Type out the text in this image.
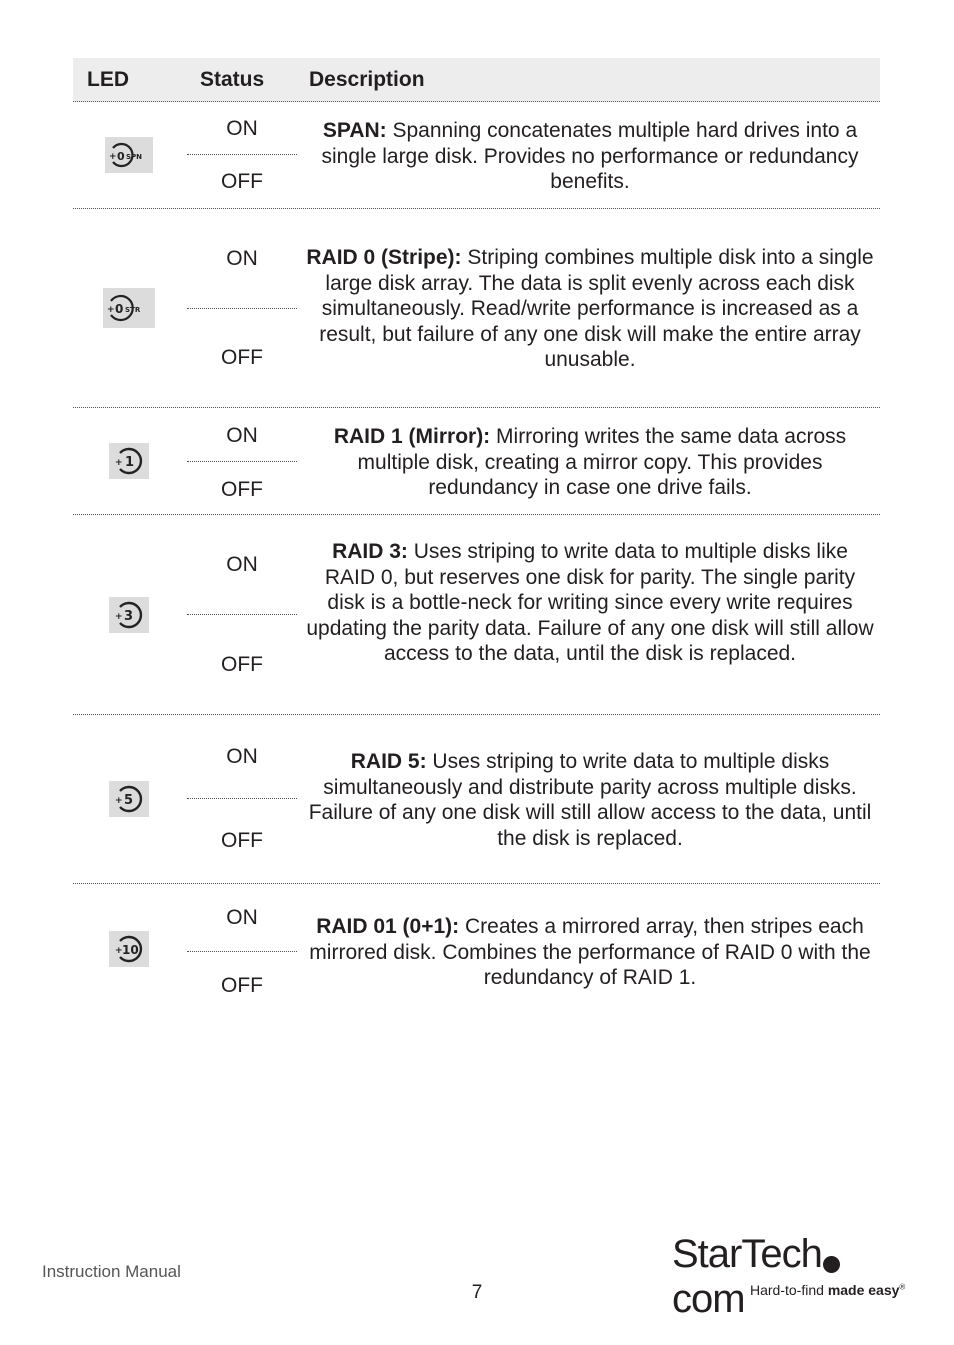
LED	Status Description
+ 0 SPN
ON
OFF
SPAN: Spanning concatenates multiple hard drives into a single large disk. Provides no performance or redundancy benefits.
+ 0 STR
ON
OFF
RAID 0 (Stripe): Striping combines multiple disk into a single large disk array. The data is split evenly across each disk simultaneously. Read/write performance is increased as a result, but failure of any one disk will make the entire array unusable.
+ 1
ON
OFF
RAID 1 (Mirror): Mirroring writes the same data across multiple disk, creating a mirror copy. This provides redundancy in case one drive fails.
+ 3
ON
OFF
RAID 3: Uses striping to write data to multiple disks like RAID 0, but reserves one disk for parity. The single parity disk is a bottle-neck for writing since every write requires updating the parity data. Failure of any one disk will still allow access to the data, until the disk is replaced.
+ 5
ON
OFF
RAID 5: Uses striping to write data to multiple disks simultaneously and distribute parity across multiple disks. Failure of any one disk will still allow access to the data, until the disk is replaced.
+ 10
ON
OFF
RAID 01 (0+1): Creates a mirrored array, then stripes each mirrored disk. Combines the performance of RAID 0 with the redundancy of RAID 1.
Instruction Manual
7
StarTechcom Hard-to-find made easy®
